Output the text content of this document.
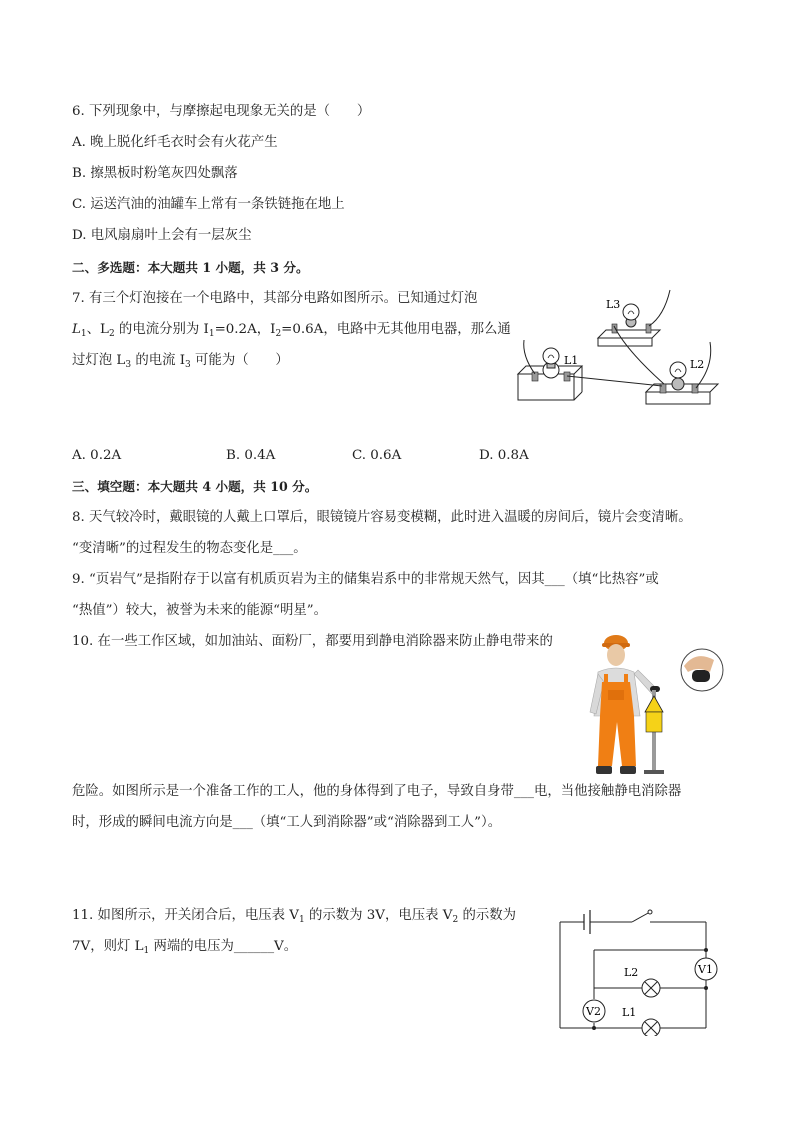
6. 下列现象中，与摩擦起电现象无关的是（　　）
A. 晚上脱化纤毛衣时会有火花产生
B. 擦黑板时粉笔灰四处飘落
C. 运送汽油的油罐车上常有一条铁链拖在地上
D. 电风扇扇叶上会有一层灰尘
二、多选题：本大题共 1 小题，共 3 分。
7. 有三个灯泡接在一个电路中，其部分电路如图所示。已知通过灯泡
$L_1$、$L_2$ 的电流分别为 $I_1=0.2A$，$I_2=0.6A$，电路中无其他用电器，那么通
过灯泡 $L_3$ 的电流 $I_3$ 可能为（　　）	L1
L3
L2
A. 0.2A	B. 0.4A	C. 0.6A	D. 0.8A
三、填空题：本大题共 4 小题，共 10 分。
8. 天气较冷时，戴眼镜的人戴上口罩后，眼镜镜片容易变模糊，此时进入温暖的房间后，镜片会变清晰。
“变清晰”的过程发生的物态变化是___。
9. “页岩气”是指附存于以富有机质页岩为主的储集岩系中的非常规天然气，因其___（填“比热容”或
“热值”）较大，被誉为未来的能源“明星”。
10. 在一些工作区域，如加油站、面粉厂，都要用到静电消除器来防止静电带来的
危险。如图所示是一个准备工作的工人，他的身体得到了电子，导致自身带___电，当他接触静电消除器
时，形成的瞬间电流方向是___（填“工人到消除器”或“消除器到工人”）。
11. 如图所示，开关闭合后，电压表 $V_1$ 的示数为 3V，电压表 $V_2$ 的示数为
7V，则灯 $L_1$ 两端的电压为______V。
V1
V2
L2
L1
